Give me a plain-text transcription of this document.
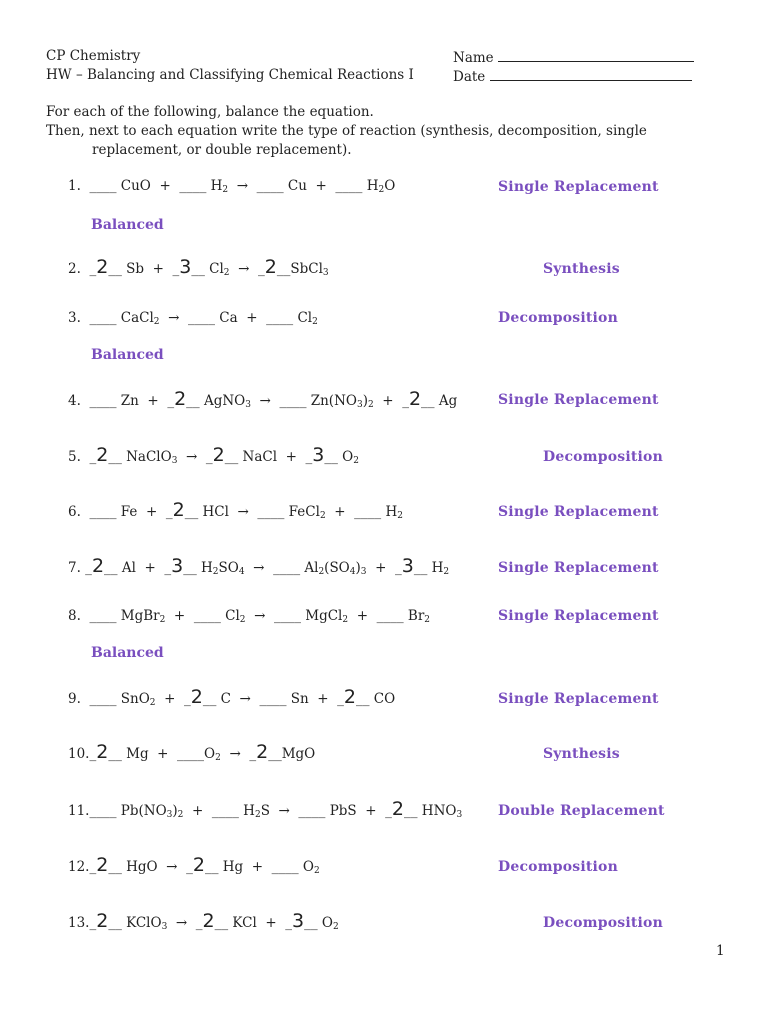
CP Chemistry
HW – Balancing and Classifying Chemical Reactions I
Name
Date
For each of the following, balance the equation.
Then, next to each equation write the type of reaction (synthesis, decomposition, single
replacement, or double replacement).
1.  ____ CuO  +  ____ $H_2$  →  ____ Cu  +  ____ $H_2O$	Single Replacement
Balanced
2.  _2__ Sb  +  _3__ $Cl_2$  →  _2__SbCl$_3$	Synthesis
3.  ____ CaCl$_2$  →  ____ Ca  +  ____ $Cl_2$	Decomposition
Balanced
4.  ____ Zn  +  _2__ AgNO$_3$  →  ____ $Zn(NO_3)_2$  +  _2__ Ag	Single Replacement
5.  _2__ NaClO$_3$  →  _2__ NaCl  +  _3__ $O_2$	Decomposition
6.  ____ Fe  +  _2__ HCl  →  ____ FeCl$_2$  +  ____ $H_2$	Single Replacement
7. _2__ Al  +  _3__ $H_2SO_4$  →  ____ $Al_2(SO_4)_3$  +  _3__ $H_2$	Single Replacement
8.  ____ MgBr$_2$  +  ____ $Cl_2$  →  ____ MgCl$_2$  +  ____ $Br_2$	Single Replacement
Balanced
9.  ____ SnO$_2$  +  _2__ C  →  ____ Sn  +  _2__ CO	Single Replacement
10._2__ $Mg + \_\_\_\_O_2$  →  _2__MgO	Synthesis
11.____ $Pb(NO_3)_2$  +  ____ $H_2S$  →  ____ PbS  +  _2__ $HNO_3$	Double Replacement
12._2__ HgO  →  _2__ Hg  +  ____ $O_2$	Decomposition
13._2__ KClO$_3$  →  _2__ KCl  +  _3__ $O_2$	Decomposition
1
